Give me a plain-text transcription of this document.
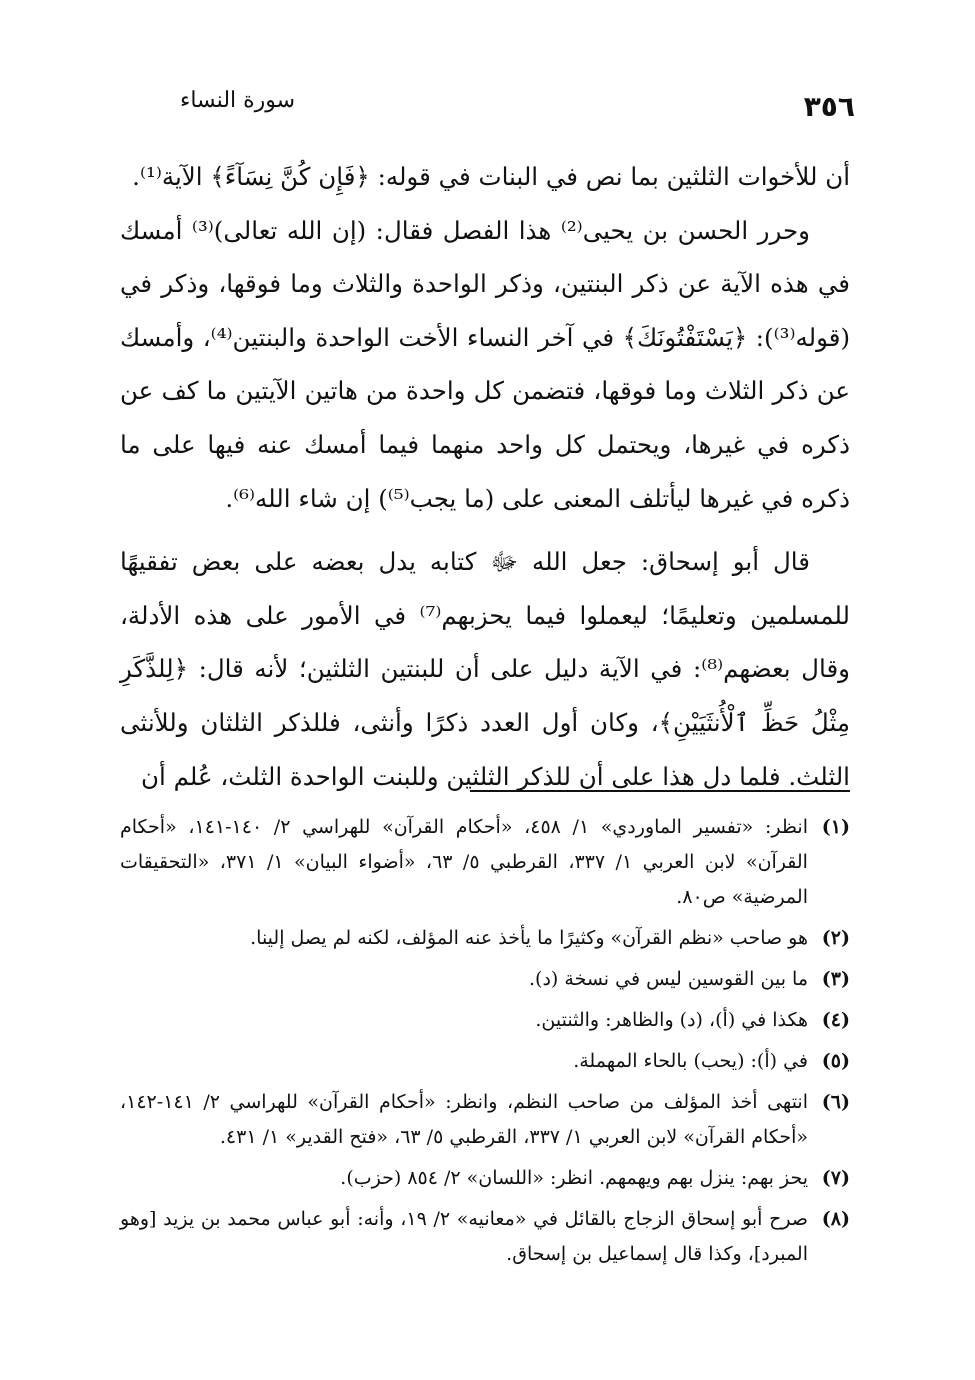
٣٥٦
سورة النساء

أن للأخوات الثلثين بما نص في البنات في قوله: ﴿فَإِن كُنَّ نِسَآءً﴾ الآية⁽¹⁾.

وحرر الحسن بن يحيى⁽²⁾ هذا الفصل فقال: (إن الله تعالى)⁽³⁾ أمسك في هذه الآية عن ذكر البنتين، وذكر الواحدة والثلاث وما فوقها، وذكر في (قوله⁽³⁾): ﴿يَسْتَفْتُونَكَ﴾ في آخر النساء الأخت الواحدة والبنتين⁽⁴⁾، وأمسك عن ذكر الثلاث وما فوقها، فتضمن كل واحدة من هاتين الآيتين ما كف عن ذكره في غيرها، ويحتمل كل واحد منهما فيما أمسك عنه فيها على ما ذكره في غيرها ليأتلف المعنى على (ما يجب⁽⁵⁾) إن شاء الله⁽⁶⁾.

قال أبو إسحاق: جعل الله ﷻ كتابه يدل بعضه على بعض تفقيهًا للمسلمين وتعليمًا؛ ليعملوا فيما يحزبهم⁽⁷⁾ في الأمور على هذه الأدلة، وقال بعضهم⁽⁸⁾: في الآية دليل على أن للبنتين الثلثين؛ لأنه قال: ﴿لِلذَّكَرِ مِثْلُ حَظِّ ٱلْأُنثَيَيْنِ﴾، وكان أول العدد ذكرًا وأنثى، فللذكر الثلثان وللأنثى الثلث. فلما دل هذا على أن للذكر الثلثين وللبنت الواحدة الثلث، عُلم أن

(١)
انظر: «تفسير الماوردي» ١/ ٤٥٨، «أحكام القرآن» للهراسي ٢/ ١٤٠-١٤١، «أحكام القرآن» لابن العربي ١/ ٣٣٧، القرطبي ٥/ ٦٣، «أضواء البيان» ١/ ٣٧١، «التحقيقات المرضية» ص٨٠.
(٢)
هو صاحب «نظم القرآن» وكثيرًا ما يأخذ عنه المؤلف، لكنه لم يصل إلينا.
(٣)
ما بين القوسين ليس في نسخة (د).
(٤)
هكذا في (أ)، (د) والظاهر: والثنتين.
(٥)
في (أ): (يحب) بالحاء المهملة.
(٦)
انتهى أخذ المؤلف من صاحب النظم، وانظر: «أحكام القرآن» للهراسي ٢/ ١٤١-١٤٢، «أحكام القرآن» لابن العربي ١/ ٣٣٧، القرطبي ٥/ ٦٣، «فتح القدير» ١/ ٤٣١.
(٧)
يحز بهم: ينزل بهم ويهمهم. انظر: «اللسان» ٢/ ٨٥٤ (حزب).
(٨)
صرح أبو إسحاق الزجاج بالقائل في «معانيه» ٢/ ١٩، وأنه: أبو عباس محمد بن يزيد [وهو المبرد]، وكذا قال إسماعيل بن إسحاق.
